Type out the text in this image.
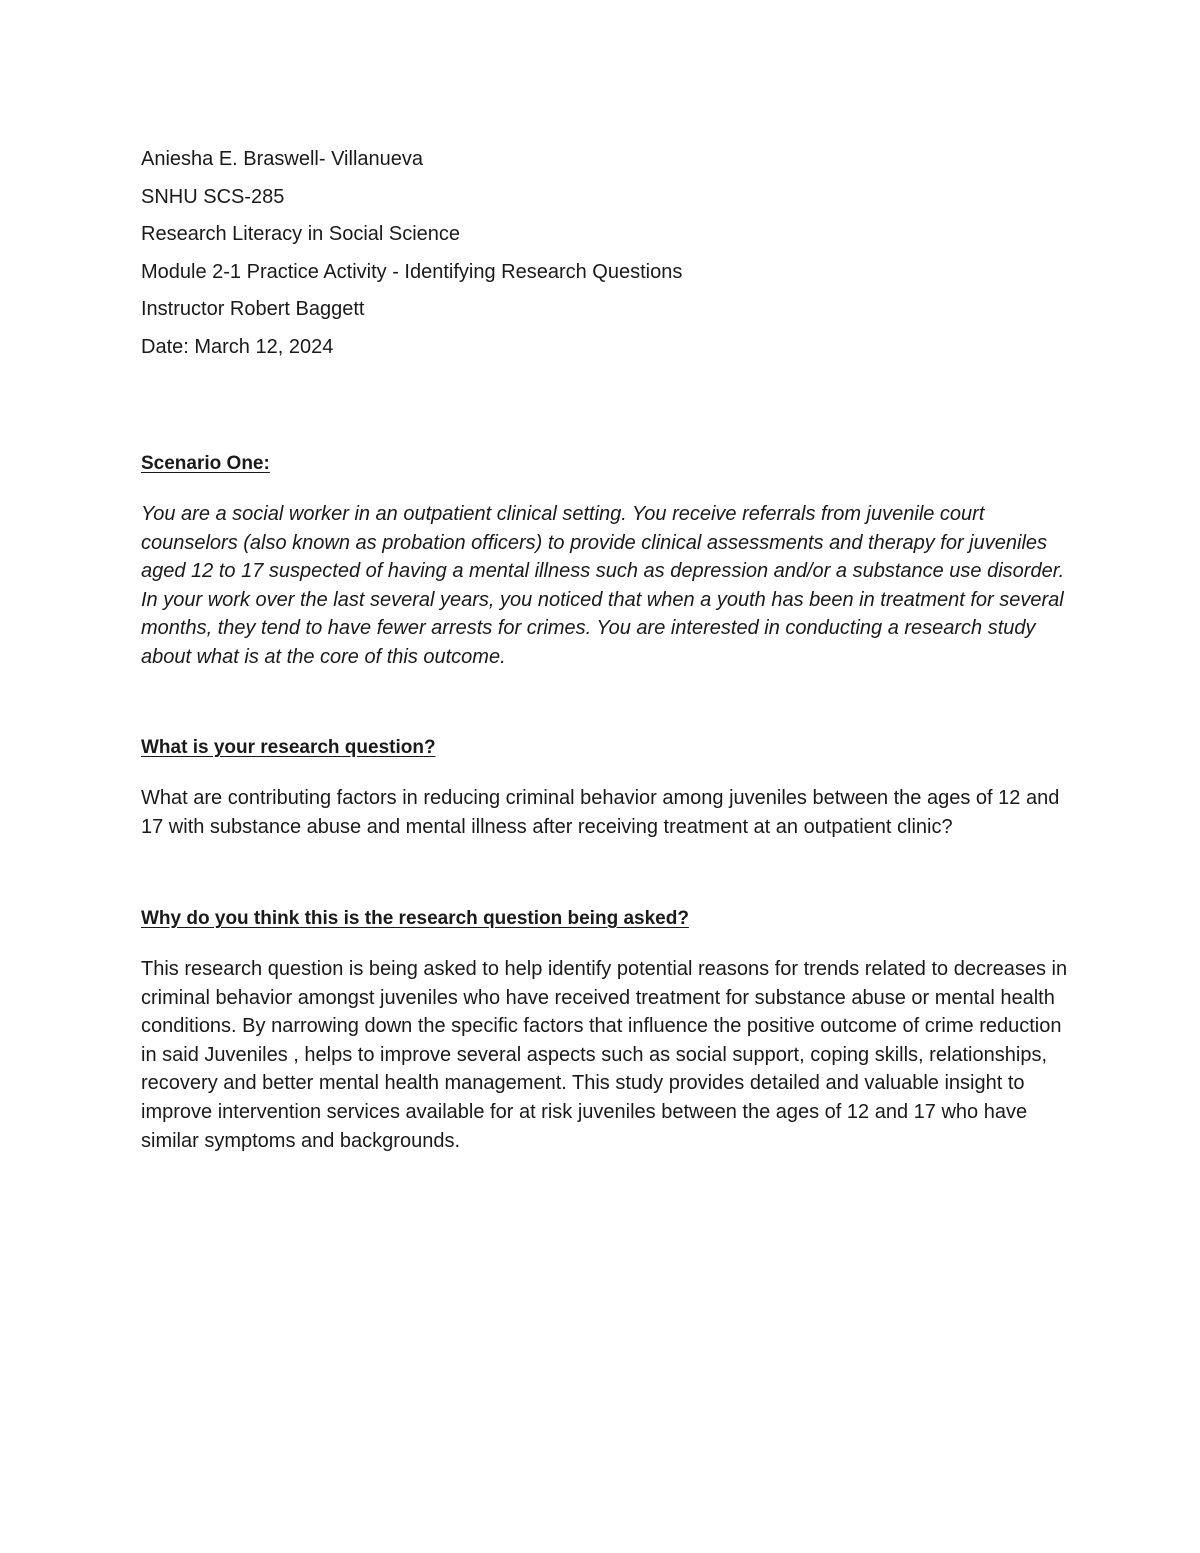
Aniesha E. Braswell- Villanueva
SNHU SCS-285
Research Literacy in Social Science
Module 2-1 Practice Activity - Identifying Research Questions
Instructor Robert Baggett
Date: March 12, 2024
Scenario One:
You are a social worker in an outpatient clinical setting. You receive referrals from juvenile court counselors (also known as probation officers) to provide clinical assessments and therapy for juveniles aged 12 to 17 suspected of having a mental illness such as depression and/or a substance use disorder. In your work over the last several years, you noticed that when a youth has been in treatment for several months, they tend to have fewer arrests for crimes. You are interested in conducting a research study about what is at the core of this outcome.
What is your research question?
What are contributing factors in reducing criminal behavior among juveniles between the ages of 12 and 17 with substance abuse and mental illness after receiving treatment at an outpatient clinic?
Why do you think this is the research question being asked?
This research question is being asked to help identify potential reasons for trends related to decreases in criminal behavior amongst juveniles who have received treatment for substance abuse or mental health conditions. By narrowing down the specific factors that influence the positive outcome of crime reduction in said Juveniles , helps to improve several aspects such as social support, coping skills, relationships, recovery and better mental health management. This study provides detailed and valuable insight to improve intervention services available for at risk juveniles between the ages of 12 and 17 who have similar symptoms and backgrounds.
